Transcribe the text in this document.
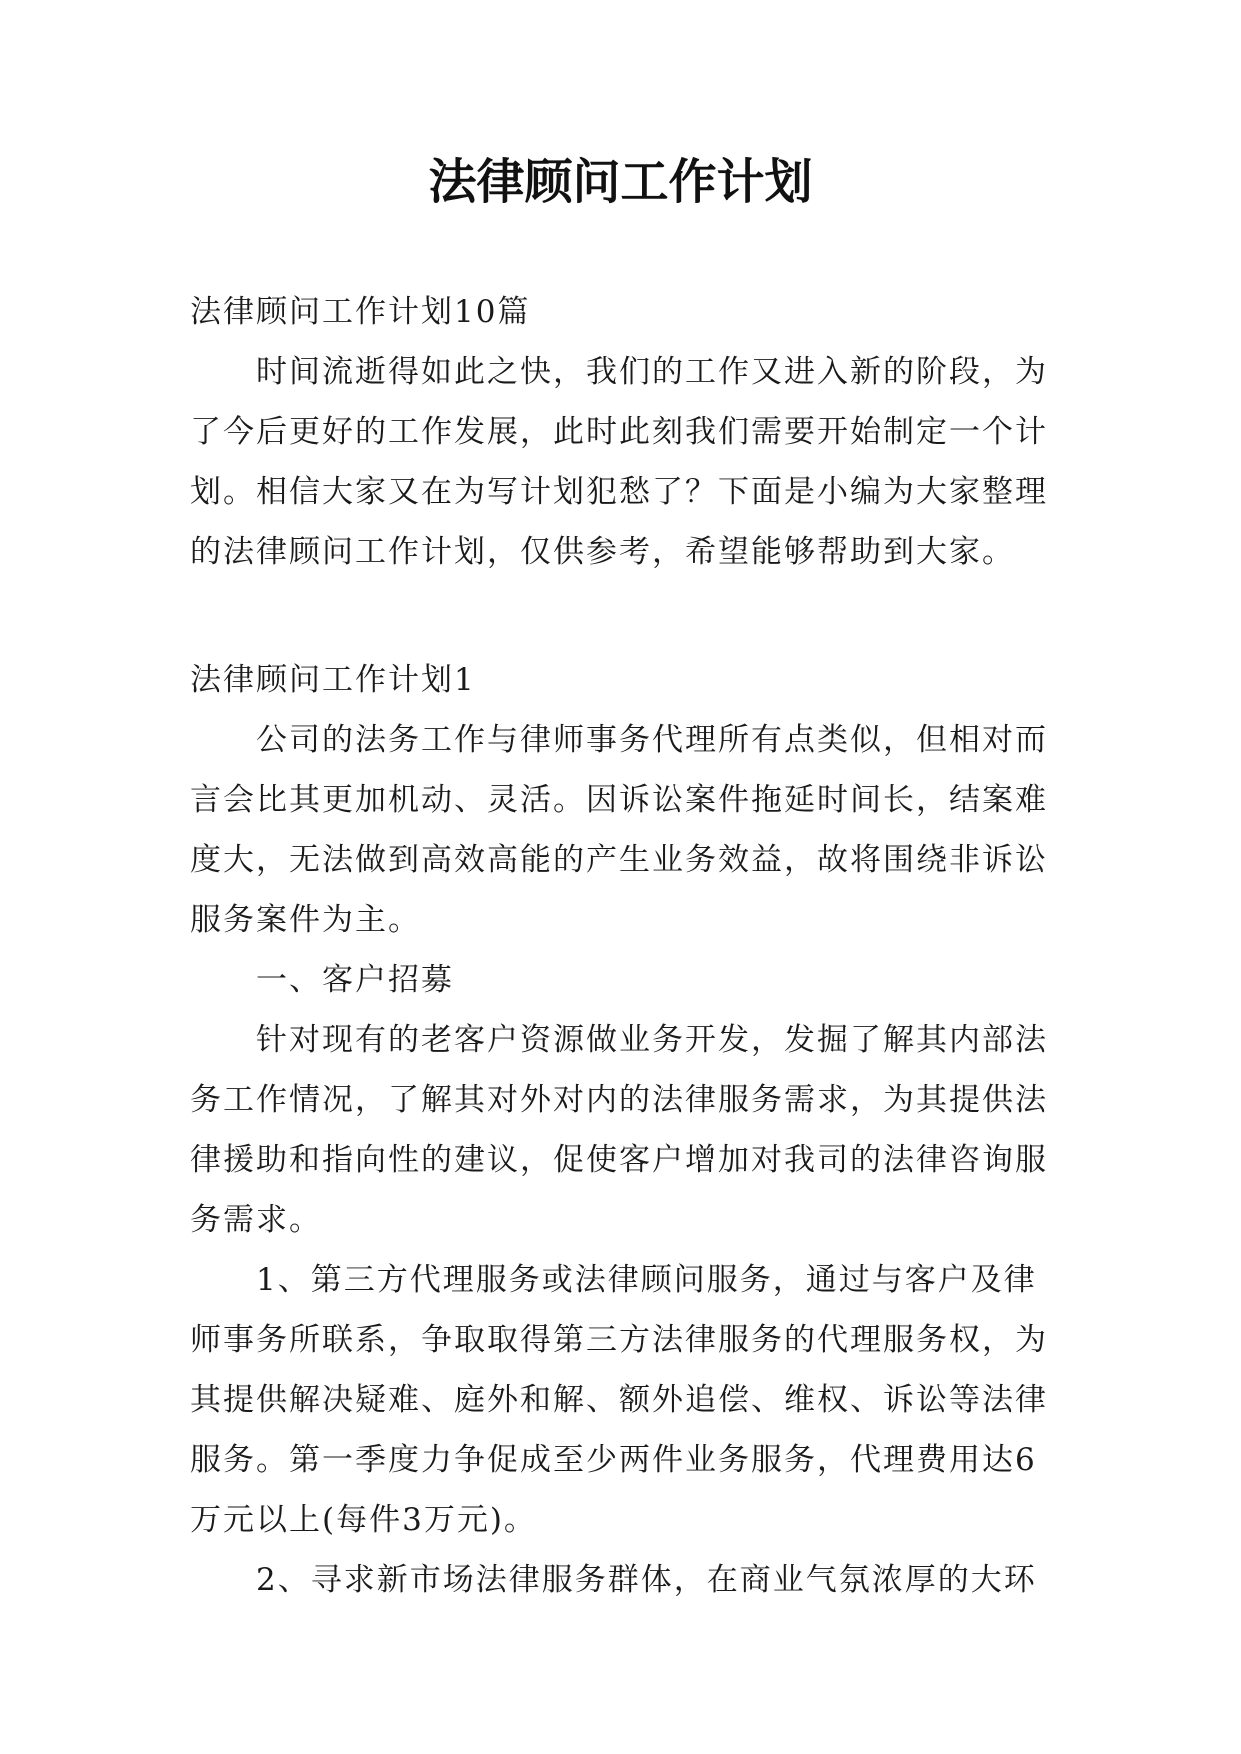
法律顾问工作计划
法律顾问工作计划10篇
时间流逝得如此之快，我们的工作又进入新的阶段，为
了今后更好的工作发展，此时此刻我们需要开始制定一个计
划。相信大家又在为写计划犯愁了？下面是小编为大家整理
的法律顾问工作计划，仅供参考，希望能够帮助到大家。
法律顾问工作计划1
公司的法务工作与律师事务代理所有点类似，但相对而
言会比其更加机动、灵活。因诉讼案件拖延时间长，结案难
度大，无法做到高效高能的产生业务效益，故将围绕非诉讼
服务案件为主。
一、客户招募
针对现有的老客户资源做业务开发，发掘了解其内部法
务工作情况，了解其对外对内的法律服务需求，为其提供法
律援助和指向性的建议，促使客户增加对我司的法律咨询服
务需求。
1、第三方代理服务或法律顾问服务，通过与客户及律
师事务所联系，争取取得第三方法律服务的代理服务权，为
其提供解决疑难、庭外和解、额外追偿、维权、诉讼等法律
服务。第一季度力争促成至少两件业务服务，代理费用达6
万元以上(每件3万元)。
2、寻求新市场法律服务群体，在商业气氛浓厚的大环
